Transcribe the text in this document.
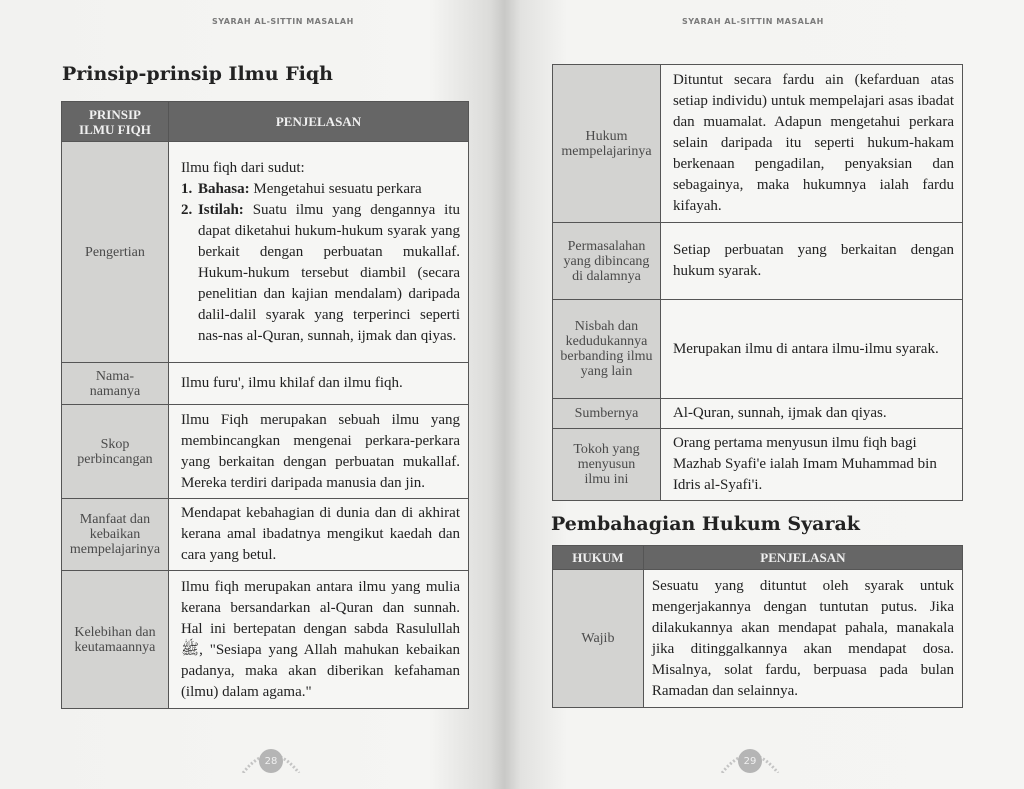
SYARAH AL-SITTIN MASALAH
Prinsip-prinsip Ilmu Fiqh
PRINSIP ILMU FIQH	PENJELASAN
Pengertian	Ilmu fiqh dari sudut:
1. Bahasa: Mengetahui sesuatu perkara
2. Istilah: Suatu ilmu yang dengannya itu dapat diketahui hukum-hukum syarak yang berkait dengan perbuatan mukallaf. Hukum-hukum tersebut diambil (secara penelitian dan kajian mendalam) daripada dalil-dalil syarak yang terperinci seperti nas-nas al-Quran, sunnah, ijmak dan qiyas.

Nama-namanya	Ilmu furu', ilmu khilaf dan ilmu fiqh.
Skop perbincangan	Ilmu Fiqh merupakan sebuah ilmu yang membincangkan mengenai perkara-perkara yang berkaitan dengan perbuatan mukallaf. Mereka terdiri daripada manusia dan jin.
Manfaat dan kebaikan mempelajarinya	Mendapat kebahagian di dunia dan di akhirat kerana amal ibadatnya mengikut kaedah dan cara yang betul.
Kelebihan dan keutamaannya	Ilmu fiqh merupakan antara ilmu yang mulia kerana bersandarkan al-Quran dan sunnah. Hal ini bertepatan dengan sabda Rasulullah ﷺ, "Sesiapa yang Allah mahukan kebaikan padanya, maka akan diberikan kefahaman (ilmu) dalam agama."
28
SYARAH AL-SITTIN MASALAH
Hukum mempelajarinya	Dituntut secara fardu ain (kefarduan atas setiap individu) untuk mempelajari asas ibadat dan muamalat. Adapun mengetahui perkara selain daripada itu seperti hukum-hakam berkenaan pengadilan, penyaksian dan sebagainya, maka hukumnya ialah fardu kifayah.
Permasalahan yang dibincang di dalamnya	Setiap perbuatan yang berkaitan dengan hukum syarak.
Nisbah dan kedudukannya berbanding ilmu yang lain	Merupakan ilmu di antara ilmu-ilmu syarak.
Sumbernya	Al-Quran, sunnah, ijmak dan qiyas.
Tokoh yang menyusun ilmu ini	Orang pertama menyusun ilmu fiqh bagi Mazhab Syafi'e ialah Imam Muhammad bin Idris al-Syafi'i.
Pembahagian Hukum Syarak
HUKUM	PENJELASAN
Wajib	Sesuatu yang dituntut oleh syarak untuk mengerjakannya dengan tuntutan putus. Jika dilakukannya akan mendapat pahala, manakala jika ditinggalkannya akan mendapat dosa. Misalnya, solat fardu, berpuasa pada bulan Ramadan dan selainnya.
29
